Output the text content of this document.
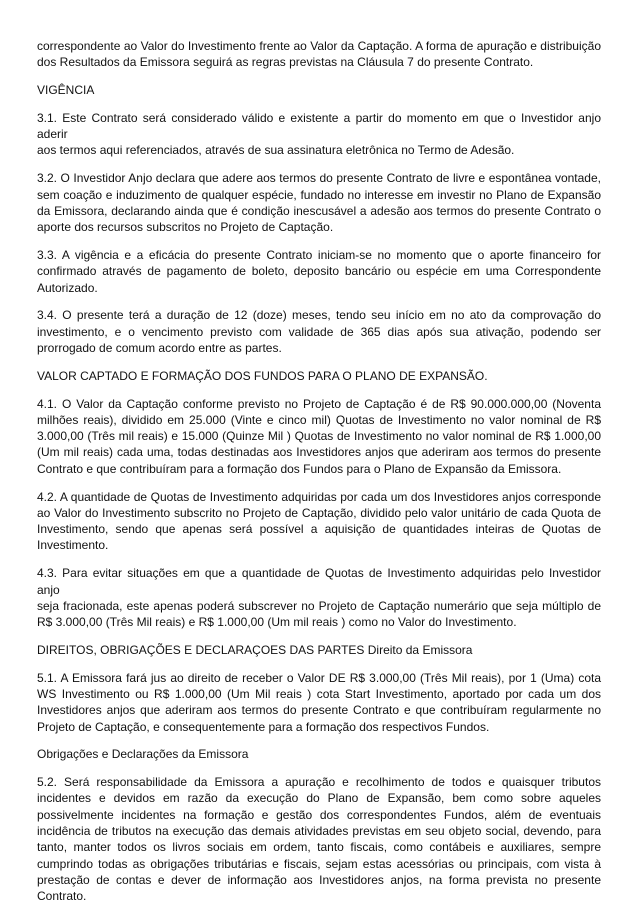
correspondente ao Valor do Investimento frente ao Valor da Captação. A forma de apuração e distribuição
dos Resultados da Emissora seguirá as regras previstas na Cláusula 7 do presente Contrato.
VIGÊNCIA
3.1. Este Contrato será considerado válido e existente a partir do momento em que o Investidor anjo aderir
aos termos aqui referenciados, através de sua assinatura eletrônica no Termo de Adesão.
3.2. O Investidor Anjo declara que adere aos termos do presente Contrato de livre e espontânea vontade,
sem coação e induzimento de qualquer espécie, fundado no interesse em investir no Plano de Expansão
da Emissora, declarando ainda que é condição inescusável a adesão aos termos do presente Contrato o
aporte dos recursos subscritos no Projeto de Captação.
3.3. A vigência e a eficácia do presente Contrato iniciam-se no momento que o aporte financeiro for
confirmado através de pagamento de boleto, deposito bancário ou espécie em uma Correspondente
Autorizado.
3.4. O presente terá a duração de 12 (doze) meses, tendo seu início em no ato da comprovação do
investimento, e o vencimento previsto com validade de 365 dias após sua ativação, podendo ser
prorrogado de comum acordo entre as partes.
VALOR CAPTADO E FORMAÇÃO DOS FUNDOS PARA O PLANO DE EXPANSÃO.
4.1. O Valor da Captação conforme previsto no Projeto de Captação é de R$ 90.000.000,00 (Noventa
milhões reais), dividido em 25.000 (Vinte e cinco mil) Quotas de Investimento no valor nominal de R$
3.000,00 (Três mil reais) e 15.000 (Quinze Mil ) Quotas de Investimento no valor nominal de R$ 1.000,00
(Um mil reais) cada uma, todas destinadas aos Investidores anjos que aderiram aos termos do presente
Contrato e que contribuíram para a formação dos Fundos para o Plano de Expansão da Emissora.
4.2. A quantidade de Quotas de Investimento adquiridas por cada um dos Investidores anjos corresponde
ao Valor do Investimento subscrito no Projeto de Captação, dividido pelo valor unitário de cada Quota de
Investimento, sendo que apenas será possível a aquisição de quantidades inteiras de Quotas de
Investimento.
4.3. Para evitar situações em que a quantidade de Quotas de Investimento adquiridas pelo Investidor anjo
seja fracionada, este apenas poderá subscrever no Projeto de Captação numerário que seja múltiplo de
R$ 3.000,00 (Três Mil reais) e R$ 1.000,00 (Um mil reais ) como no Valor do Investimento.
DIREITOS, OBRIGAÇÕES E DECLARAÇOES DAS PARTES Direito da Emissora
5.1. A Emissora fará jus ao direito de receber o Valor DE R$ 3.000,00 (Três Mil reais), por 1 (Uma) cota
WS Investimento ou R$ 1.000,00 (Um Mil reais ) cota Start Investimento, aportado por cada um dos
Investidores anjos que aderiram aos termos do presente Contrato e que contribuíram regularmente no
Projeto de Captação, e consequentemente para a formação dos respectivos Fundos.
Obrigações e Declarações da Emissora
5.2. Será responsabilidade da Emissora a apuração e recolhimento de todos e quaisquer tributos
incidentes e devidos em razão da execução do Plano de Expansão, bem como sobre aqueles
possivelmente incidentes na formação e gestão dos correspondentes Fundos, além de eventuais
incidência de tributos na execução das demais atividades previstas em seu objeto social, devendo, para
tanto, manter todos os livros sociais em ordem, tanto fiscais, como contábeis e auxiliares, sempre
cumprindo todas as obrigações tributárias e fiscais, sejam estas acessórias ou principais, com vista à
prestação de contas e dever de informação aos Investidores anjos, na forma prevista no presente
Contrato.
